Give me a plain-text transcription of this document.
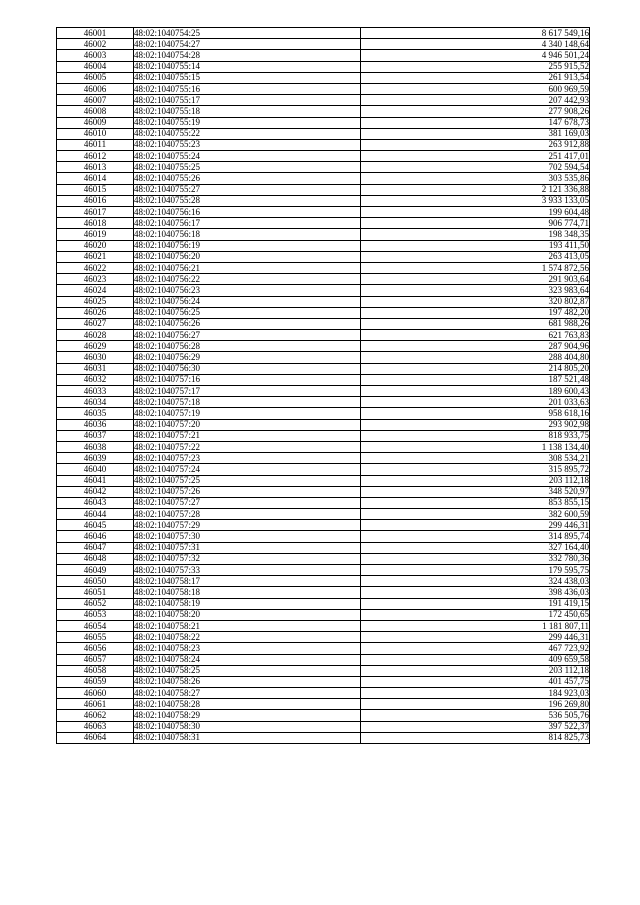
46001	48:02:1040754:25	8 617 549,16
46002	48:02:1040754:27	4 340 148,64
46003	48:02:1040754:28	4 946 501,24
46004	48:02:1040755:14	255 915,52
46005	48:02:1040755:15	261 913,54
46006	48:02:1040755:16	600 969,59
46007	48:02:1040755:17	207 442,93
46008	48:02:1040755:18	277 908,26
46009	48:02:1040755:19	147 678,73
46010	48:02:1040755:22	381 169,03
46011	48:02:1040755:23	263 912,88
46012	48:02:1040755:24	251 417,01
46013	48:02:1040755:25	702 594,54
46014	48:02:1040755:26	303 535,86
46015	48:02:1040755:27	2 121 336,88
46016	48:02:1040755:28	3 933 133,05
46017	48:02:1040756:16	199 604,48
46018	48:02:1040756:17	906 774,71
46019	48:02:1040756:18	198 348,35
46020	48:02:1040756:19	193 411,50
46021	48:02:1040756:20	263 413,05
46022	48:02:1040756:21	1 574 872,56
46023	48:02:1040756:22	291 903,64
46024	48:02:1040756:23	323 983,64
46025	48:02:1040756:24	320 802,87
46026	48:02:1040756:25	197 482,20
46027	48:02:1040756:26	681 988,26
46028	48:02:1040756:27	621 763,83
46029	48:02:1040756:28	287 904,96
46030	48:02:1040756:29	288 404,80
46031	48:02:1040756:30	214 805,20
46032	48:02:1040757:16	187 521,48
46033	48:02:1040757:17	189 600,43
46034	48:02:1040757:18	201 033,63
46035	48:02:1040757:19	958 618,16
46036	48:02:1040757:20	293 902,98
46037	48:02:1040757:21	818 933,75
46038	48:02:1040757:22	1 138 134,40
46039	48:02:1040757:23	308 534,21
46040	48:02:1040757:24	315 895,72
46041	48:02:1040757:25	203 112,18
46042	48:02:1040757:26	348 520,97
46043	48:02:1040757:27	853 855,15
46044	48:02:1040757:28	382 600,59
46045	48:02:1040757:29	299 446,31
46046	48:02:1040757:30	314 895,74
46047	48:02:1040757:31	327 164,40
46048	48:02:1040757:32	332 780,36
46049	48:02:1040757:33	179 595,75
46050	48:02:1040758:17	324 438,03
46051	48:02:1040758:18	398 436,03
46052	48:02:1040758:19	191 419,15
46053	48:02:1040758:20	172 450,65
46054	48:02:1040758:21	1 181 807,11
46055	48:02:1040758:22	299 446,31
46056	48:02:1040758:23	467 723,92
46057	48:02:1040758:24	409 659,58
46058	48:02:1040758:25	203 112,18
46059	48:02:1040758:26	401 457,75
46060	48:02:1040758:27	184 923,03
46061	48:02:1040758:28	196 269,80
46062	48:02:1040758:29	536 505,76
46063	48:02:1040758:30	397 522,37
46064	48:02:1040758:31	814 825,73
